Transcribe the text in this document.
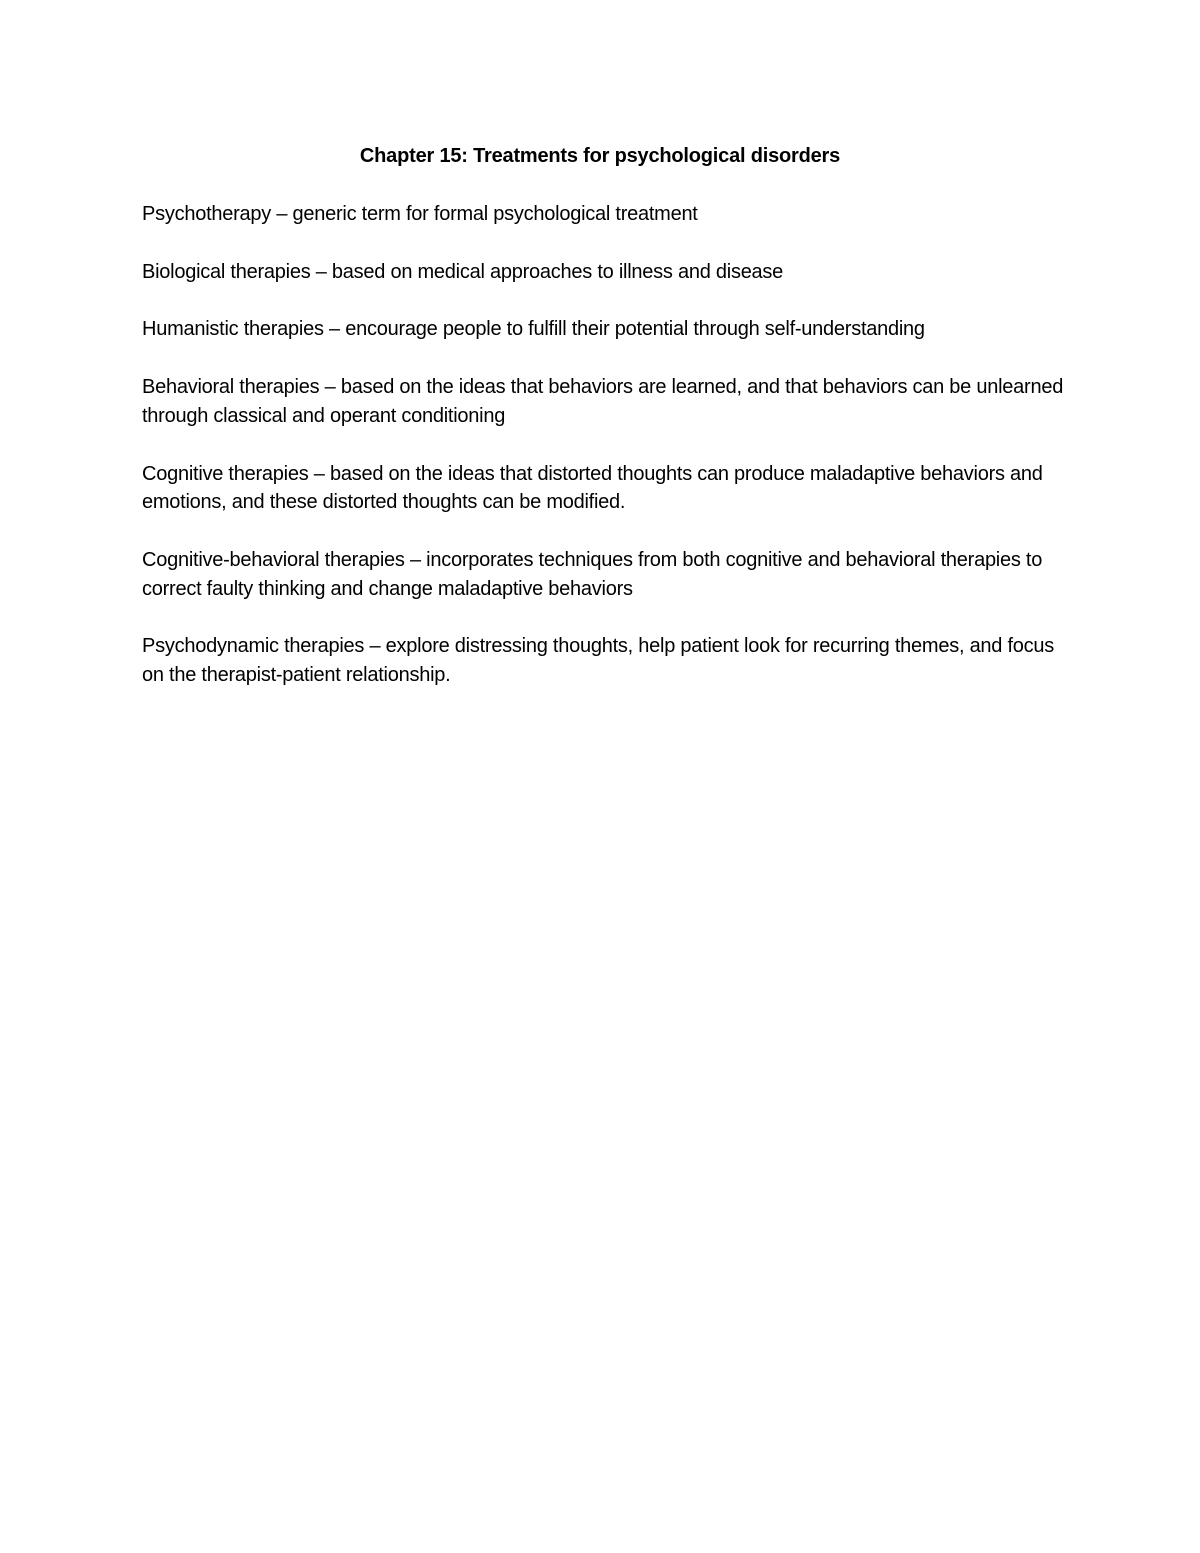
Chapter 15: Treatments for psychological disorders

Psychotherapy – generic term for formal psychological treatment

Biological therapies – based on medical approaches to illness and disease

Humanistic therapies – encourage people to fulfill their potential through self-understanding

Behavioral therapies – based on the ideas that behaviors are learned, and that behaviors can be unlearned through classical and operant conditioning

Cognitive therapies – based on the ideas that distorted thoughts can produce maladaptive behaviors and emotions, and these distorted thoughts can be modified.

Cognitive-behavioral therapies – incorporates techniques from both cognitive and behavioral therapies to correct faulty thinking and change maladaptive behaviors

Psychodynamic therapies – explore distressing thoughts, help patient look for recurring themes, and focus on the therapist-patient relationship.
